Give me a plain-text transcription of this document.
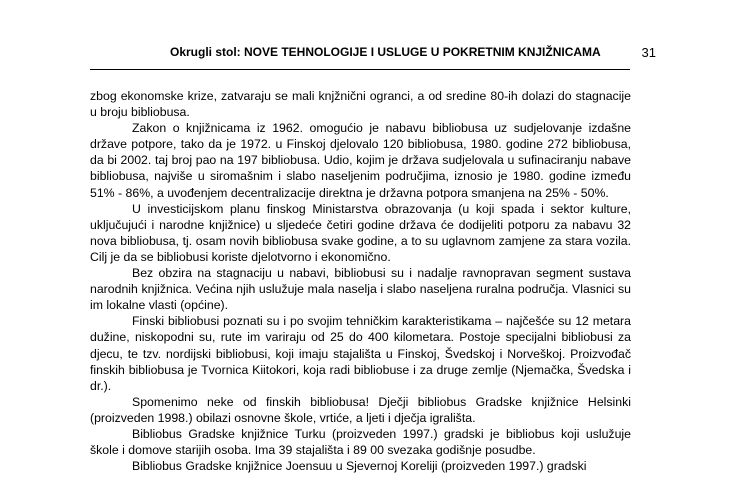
Okrugli stol: NOVE TEHNOLOGIJE I USLUGE U POKRETNIM KNJIŽNICAMA	31

zbog ekonomske krize, zatvaraju se mali knjžnični ogranci, a od sredine 80-ih dolazi do stagnacije u broju bibliobusa.

Zakon o knjižnicama iz 1962. omogućio je nabavu bibliobusa uz sudjelovanje izdašne države potpore, tako da je 1972. u Finskoj djelovalo 120 bibliobusa, 1980. godine 272 bibliobusa, da bi 2002. taj broj pao na 197 bibliobusa. Udio, kojim je država sudjelovala u sufinaciranju nabave bibliobusa, najviše u siromašnim i slabo naseljenim područjima, iznosio je 1980. godine između 51% - 86%, a uvođenjem decentralizacije direktna je državna potpora smanjena na 25% - 50%.

U investicijskom planu finskog Ministarstva obrazovanja (u koji spada i sektor kulture, uključujući i narodne knjižnice) u sljedeće četiri godine država će dodijeliti potporu za nabavu 32 nova bibliobusa, tj. osam novih bibliobusa svake godine, a to su uglavnom zamjene za stara vozila. Cilj je da se bibliobusi koriste djelotvorno i ekonomično.

Bez obzira na stagnaciju u nabavi, bibliobusi su i nadalje ravnopravan segment sustava narodnih knjižnica. Većina njih uslužuje mala naselja i slabo naseljena ruralna područja. Vlasnici su im lokalne vlasti (općine).

Finski bibliobusi poznati su i po svojim tehničkim karakteristikama – najčešće su 12 metara dužine, niskopodni su, rute im variraju od 25 do 400 kilometara. Postoje specijalni bibliobusi za djecu, te tzv. nordijski bibliobusi, koji imaju stajališta u Finskoj, Švedskoj i Norveškoj. Proizvođač finskih bibliobusa je Tvornica Kiitokori, koja radi bibliobuse i za druge zemlje (Njemačka, Švedska i dr.).

Spomenimo neke od finskih bibliobusa! Dječji bibliobus Gradske knjižnice Helsinki (proizveden 1998.) obilazi osnovne škole, vrtiće, a ljeti i dječja igrališta.

Bibliobus Gradske knjižnice Turku (proizveden 1997.) gradski je bibliobus koji uslužuje škole i domove starijih osoba. Ima 39 stajališta i 89 00 svezaka godišnje posudbe.

Bibliobus Gradske knjižnice Joensuu u Sjevernoj Koreliji (proizveden 1997.) gradski
